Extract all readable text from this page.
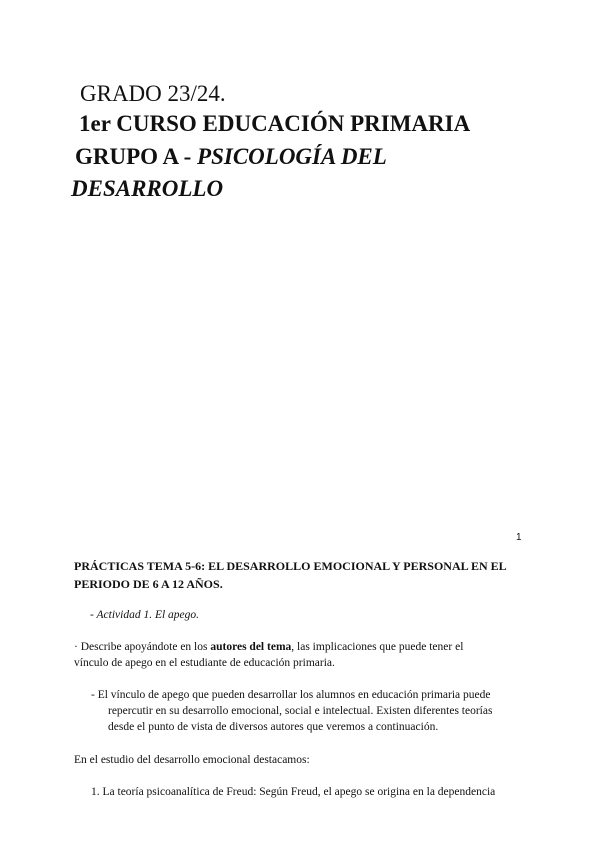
GRADO 23/24.
1er CURSO EDUCACIÓN PRIMARIA
GRUPO A - PSICOLOGÍA DEL
DESARROLLO
1
PRÁCTICAS TEMA 5-6: EL DESARROLLO EMOCIONAL Y PERSONAL EN EL
PERIODO DE 6 A 12 AÑOS.
- Actividad 1. El apego.
· Describe apoyándote en los autores del tema, las implicaciones que puede tener el
vínculo de apego en el estudiante de educación primaria.
- El vínculo de apego que pueden desarrollar los alumnos en educación primaria puede
repercutir en su desarrollo emocional, social e intelectual. Existen diferentes teorías
desde el punto de vista de diversos autores que veremos a continuación.
En el estudio del desarrollo emocional destacamos:
1. La teoría psicoanalítica de Freud: Según Freud, el apego se origina en la dependencia
